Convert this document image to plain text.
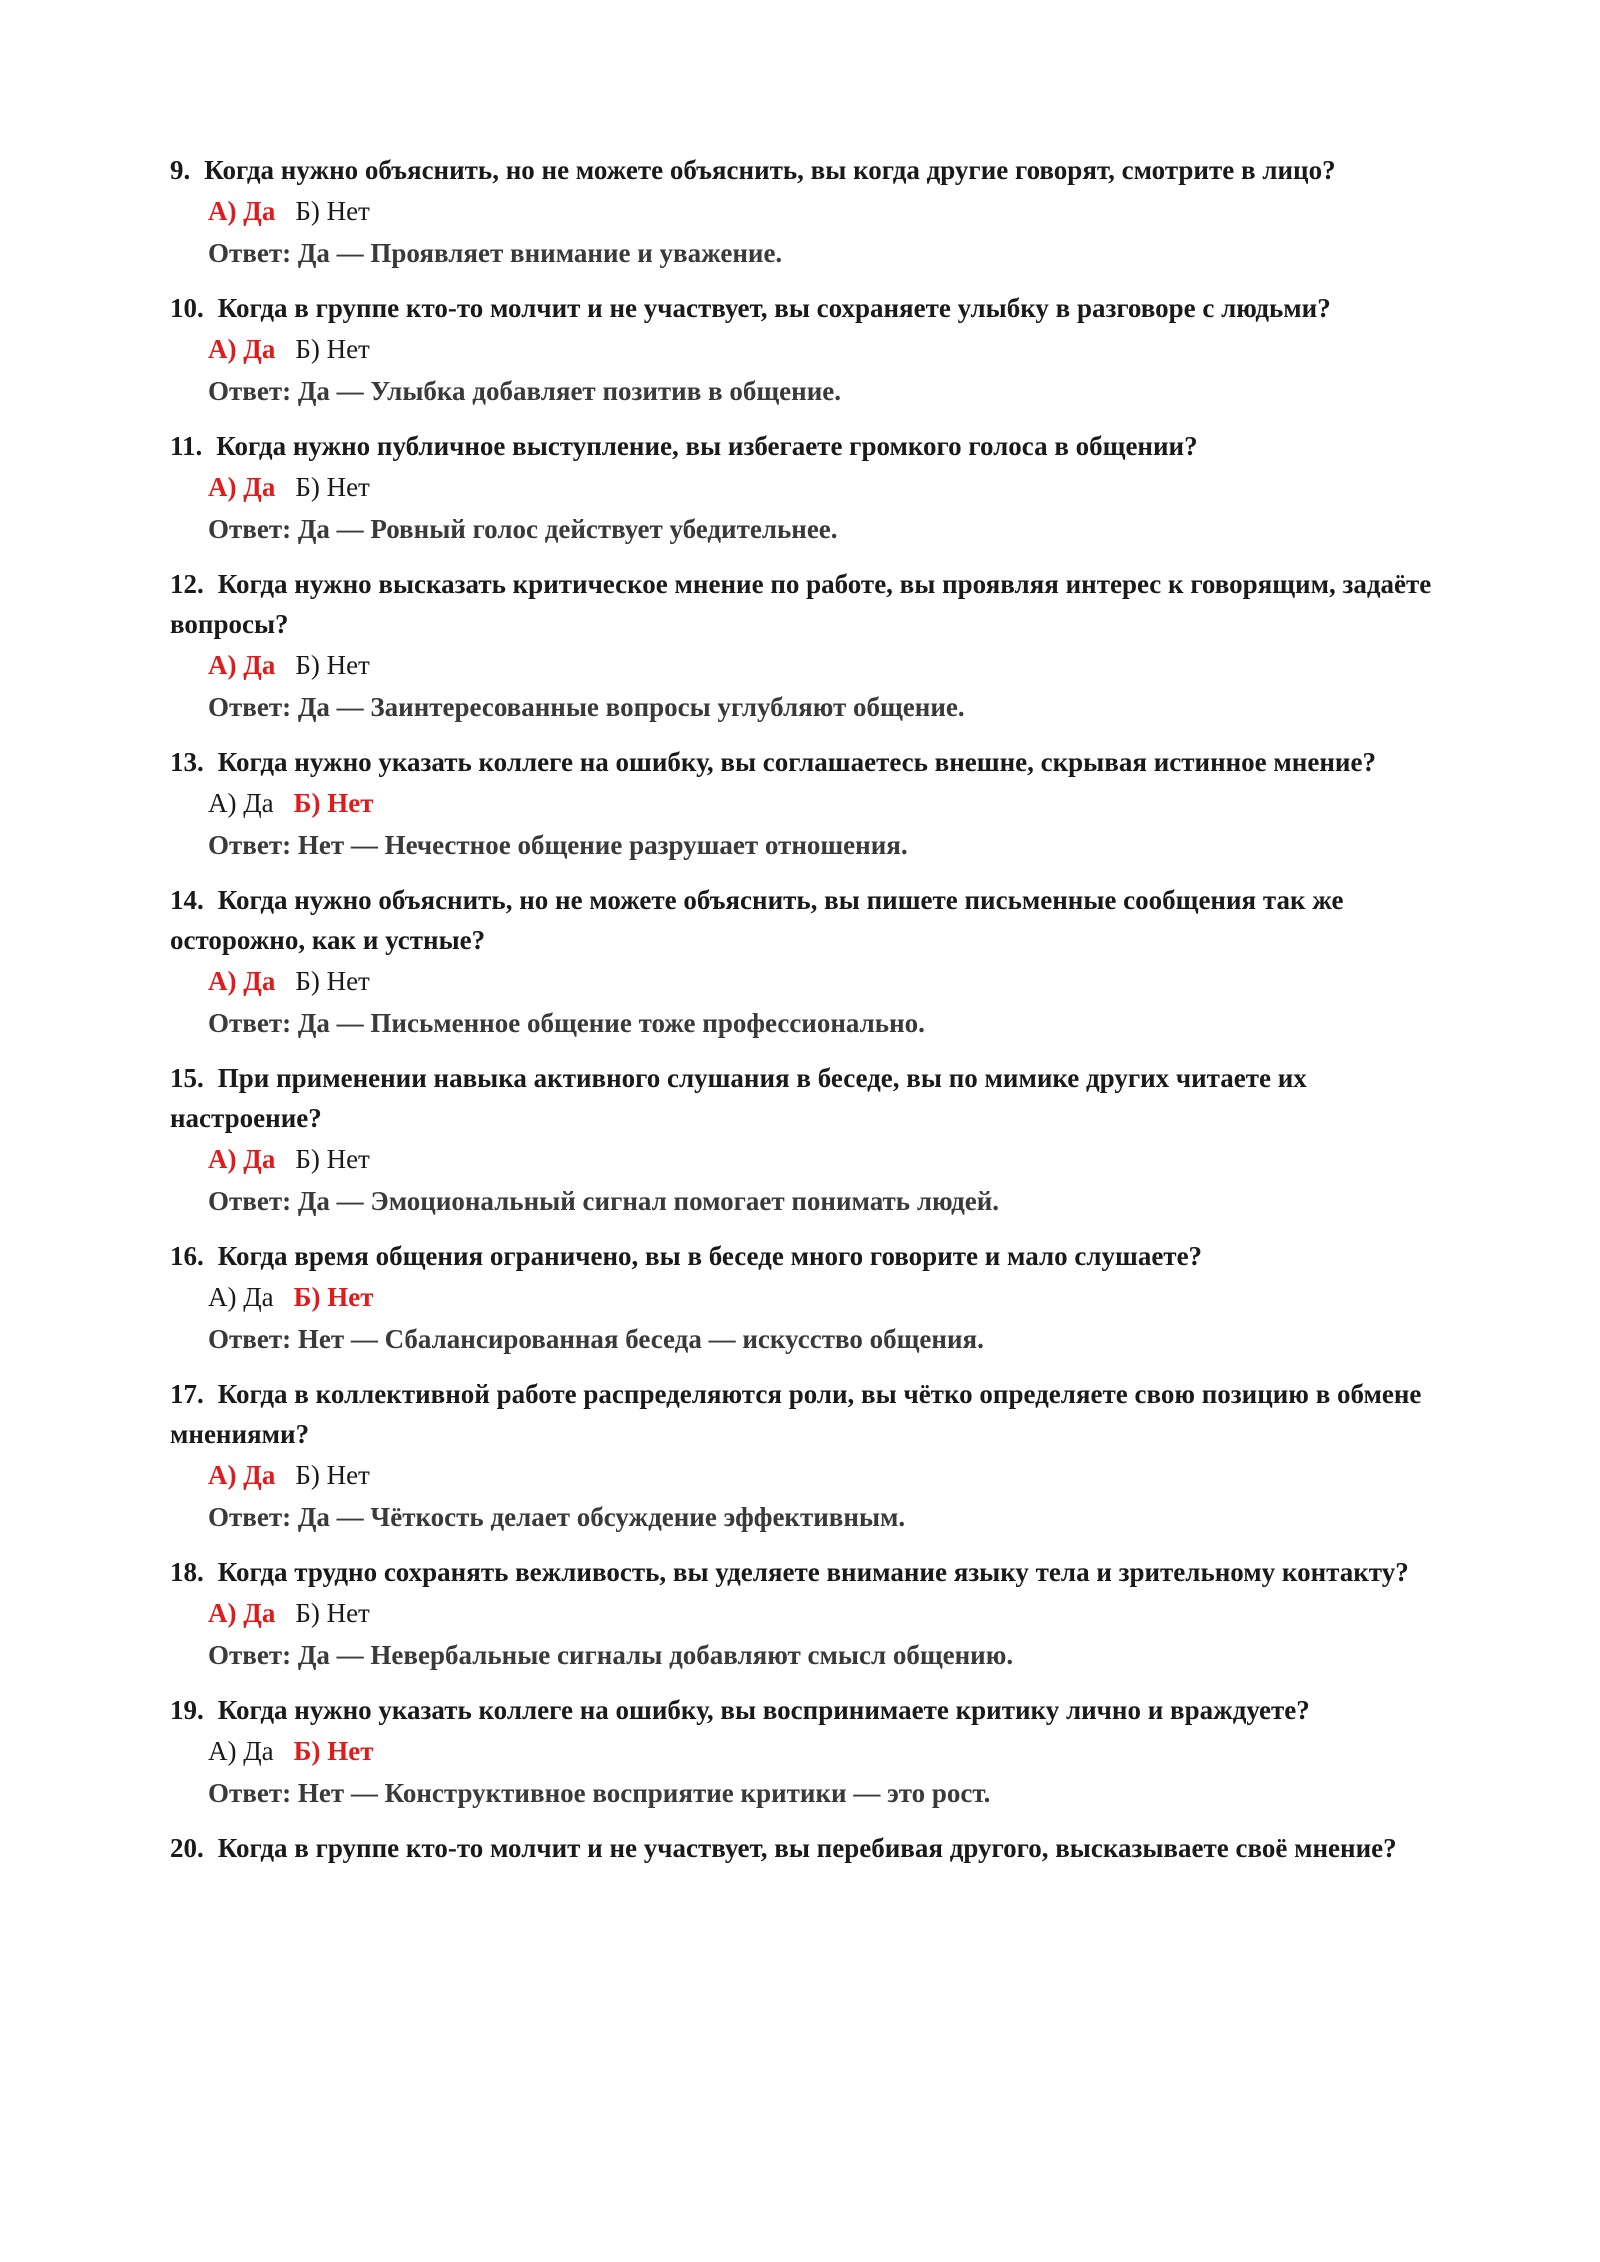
9. Когда нужно объяснить, но не можете объяснить, вы когда другие говорят, смотрите в лицо?

А) Да Б) Нет

Ответ: Да — Проявляет внимание и уважение.

10. Когда в группе кто-то молчит и не участвует, вы сохраняете улыбку в разговоре с людьми?

А) Да Б) Нет

Ответ: Да — Улыбка добавляет позитив в общение.

11. Когда нужно публичное выступление, вы избегаете громкого голоса в общении?

А) Да Б) Нет

Ответ: Да — Ровный голос действует убедительнее.

12. Когда нужно высказать критическое мнение по работе, вы проявляя интерес к говорящим, задаёте вопросы?

А) Да Б) Нет

Ответ: Да — Заинтересованные вопросы углубляют общение.

13. Когда нужно указать коллеге на ошибку, вы соглашаетесь внешне, скрывая истинное мнение?

А) Да Б) Нет

Ответ: Нет — Нечестное общение разрушает отношения.

14. Когда нужно объяснить, но не можете объяснить, вы пишете письменные сообщения так же осторожно, как и устные?

А) Да Б) Нет

Ответ: Да — Письменное общение тоже профессионально.

15. При применении навыка активного слушания в беседе, вы по мимике других читаете их настроение?

А) Да Б) Нет

Ответ: Да — Эмоциональный сигнал помогает понимать людей.

16. Когда время общения ограничено, вы в беседе много говорите и мало слушаете?

А) Да Б) Нет

Ответ: Нет — Сбалансированная беседа — искусство общения.

17. Когда в коллективной работе распределяются роли, вы чётко определяете свою позицию в обмене мнениями?

А) Да Б) Нет

Ответ: Да — Чёткость делает обсуждение эффективным.

18. Когда трудно сохранять вежливость, вы уделяете внимание языку тела и зрительному контакту?

А) Да Б) Нет

Ответ: Да — Невербальные сигналы добавляют смысл общению.

19. Когда нужно указать коллеге на ошибку, вы воспринимаете критику лично и враждуете?

А) Да Б) Нет

Ответ: Нет — Конструктивное восприятие критики — это рост.

20. Когда в группе кто-то молчит и не участвует, вы перебивая другого, высказываете своё мнение?
